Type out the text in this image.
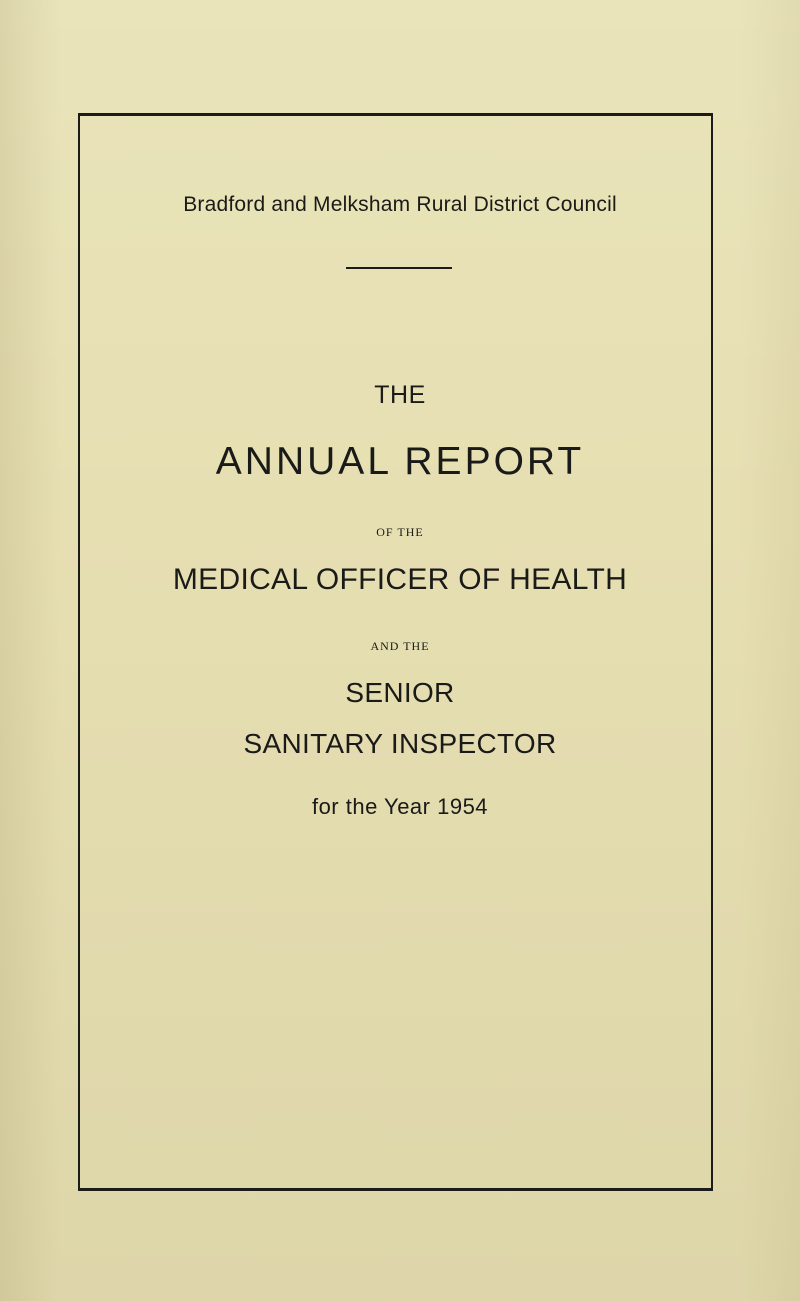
Bradford and Melksham Rural District Council
THE
ANNUAL REPORT
OF THE
MEDICAL OFFICER OF HEALTH
AND THE
SENIOR
SANITARY INSPECTOR
for the Year 1954
